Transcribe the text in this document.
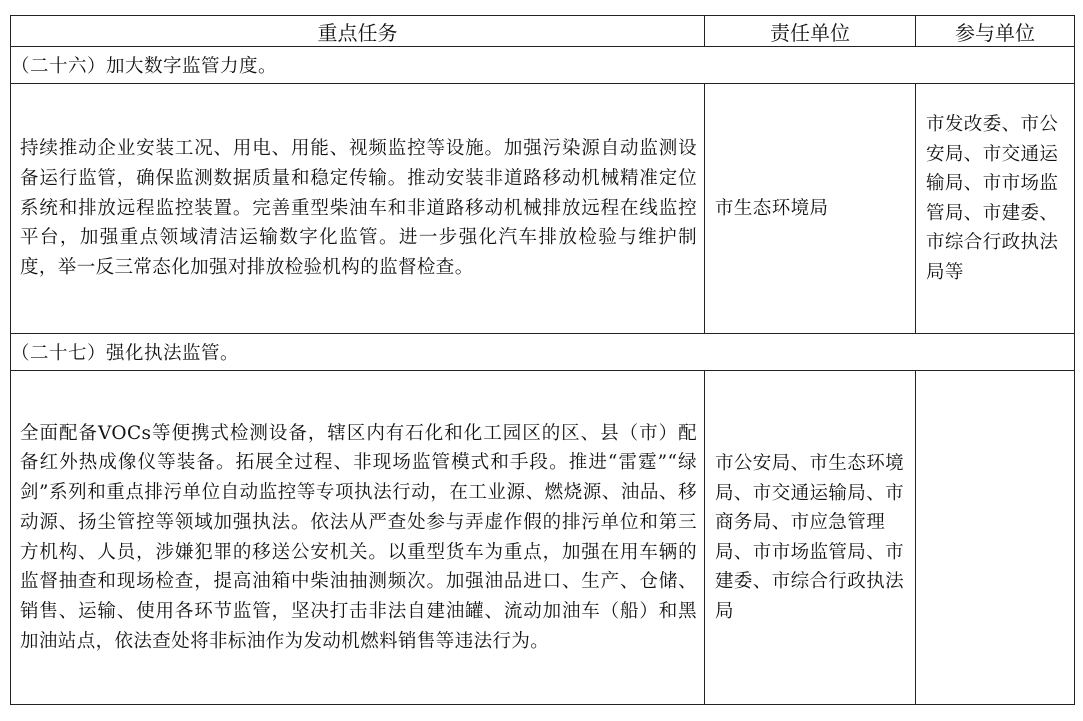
重点任务	责任单位	参与单位
（二十六）加大数字监管力度。		
持续推动企业安装工况、用电、用能、视频监控等设施。加强污染源自动监测设备运行监管，确保监测数据质量和稳定传输。推动安装非道路移动机械精准定位系统和排放远程监控装置。完善重型柴油车和非道路移动机械排放远程在线监控平台，加强重点领域清洁运输数字化监管。进一步强化汽车排放检验与维护制度，举一反三常态化加强对排放检验机构的监督检查。	市生态环境局	市发改委、市公安局、市交通运输局、市市场监管局、市建委、市综合行政执法局等
（二十七）强化执法监管。		
全面配备VOCs等便携式检测设备，辖区内有石化和化工园区的区、县（市）配备红外热成像仪等装备。拓展全过程、非现场监管模式和手段。推进“雷霆”“绿剑”系列和重点排污单位自动监控等专项执法行动，在工业源、燃烧源、油品、移动源、扬尘管控等领域加强执法。依法从严查处参与弄虚作假的排污单位和第三方机构、人员，涉嫌犯罪的移送公安机关。以重型货车为重点，加强在用车辆的监督抽查和现场检查，提高油箱中柴油抽测频次。加强油品进口、生产、仓储、销售、运输、使用各环节监管，坚决打击非法自建油罐、流动加油车（船）和黑加油站点，依法查处将非标油作为发动机燃料销售等违法行为。	市公安局、市生态环境局、市交通运输局、市商务局、市应急管理局、市市场监管局、市建委、市综合行政执法局	
